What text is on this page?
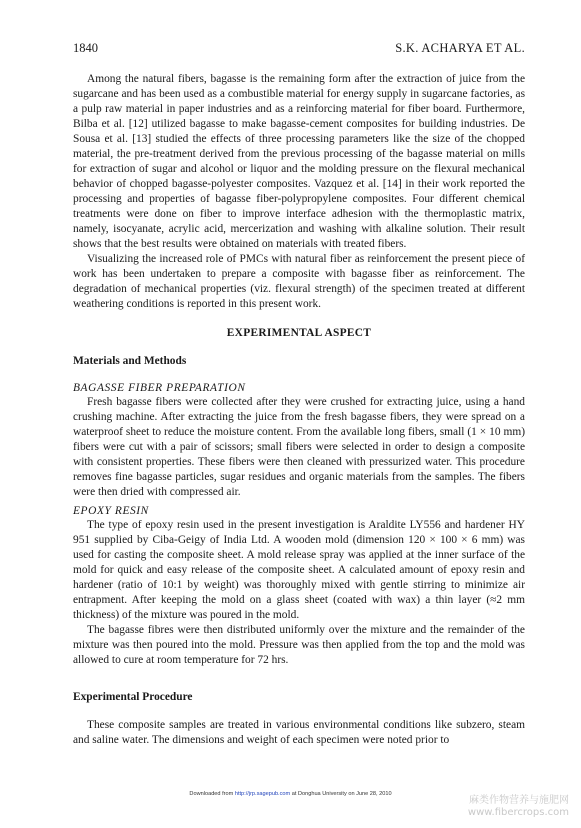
1840	S.K. ACHARYA ET AL.

Among the natural fibers, bagasse is the remaining form after the extraction of juice from the sugarcane and has been used as a combustible material for energy supply in sugarcane factories, as a pulp raw material in paper industries and as a reinforcing material for fiber board. Furthermore, Bilba et al. [12] utilized bagasse to make bagasse-cement composites for building industries. De Sousa et al. [13] studied the effects of three processing parameters like the size of the chopped material, the pre-treatment derived from the previous processing of the bagasse material on mills for extraction of sugar and alcohol or liquor and the molding pressure on the flexural mechanical behavior of chopped bagasse-polyester composites. Vazquez et al. [14] in their work reported the processing and properties of bagasse fiber-polypropylene composites. Four different chemical treatments were done on fiber to improve interface adhesion with the thermoplastic matrix, namely, isocyanate, acrylic acid, mercerization and washing with alkaline solution. Their result shows that the best results were obtained on materials with treated fibers.

Visualizing the increased role of PMCs with natural fiber as reinforcement the present piece of work has been undertaken to prepare a composite with bagasse fiber as reinforcement. The degradation of mechanical properties (viz. flexural strength) of the specimen treated at different weathering conditions is reported in this present work.

EXPERIMENTAL ASPECT
Materials and Methods
BAGASSE FIBER PREPARATION

Fresh bagasse fibers were collected after they were crushed for extracting juice, using a hand crushing machine. After extracting the juice from the fresh bagasse fibers, they were spread on a waterproof sheet to reduce the moisture content. From the available long fibers, small (1 × 10 mm) fibers were cut with a pair of scissors; small fibers were selected in order to design a composite with consistent properties. These fibers were then cleaned with pressurized water. This procedure removes fine bagasse particles, sugar residues and organic materials from the samples. The fibers were then dried with compressed air.

EPOXY RESIN

The type of epoxy resin used in the present investigation is Araldite LY556 and hardener HY 951 supplied by Ciba-Geigy of India Ltd. A wooden mold (dimension 120 × 100 × 6 mm) was used for casting the composite sheet. A mold release spray was applied at the inner surface of the mold for quick and easy release of the composite sheet. A calculated amount of epoxy resin and hardener (ratio of 10:1 by weight) was thoroughly mixed with gentle stirring to minimize air entrapment. After keeping the mold on a glass sheet (coated with wax) a thin layer (≈2 mm thickness) of the mixture was poured in the mold.

The bagasse fibres were then distributed uniformly over the mixture and the remainder of the mixture was then poured into the mold. Pressure was then applied from the top and the mold was allowed to cure at room temperature for 72 hrs.

Experimental Procedure

These composite samples are treated in various environmental conditions like subzero, steam and saline water. The dimensions and weight of each specimen were noted prior to

Downloaded from http://jrp.sagepub.com at Donghua University on June 28, 2010
麻类作物营养与施肥网
www.fibercrops.com
